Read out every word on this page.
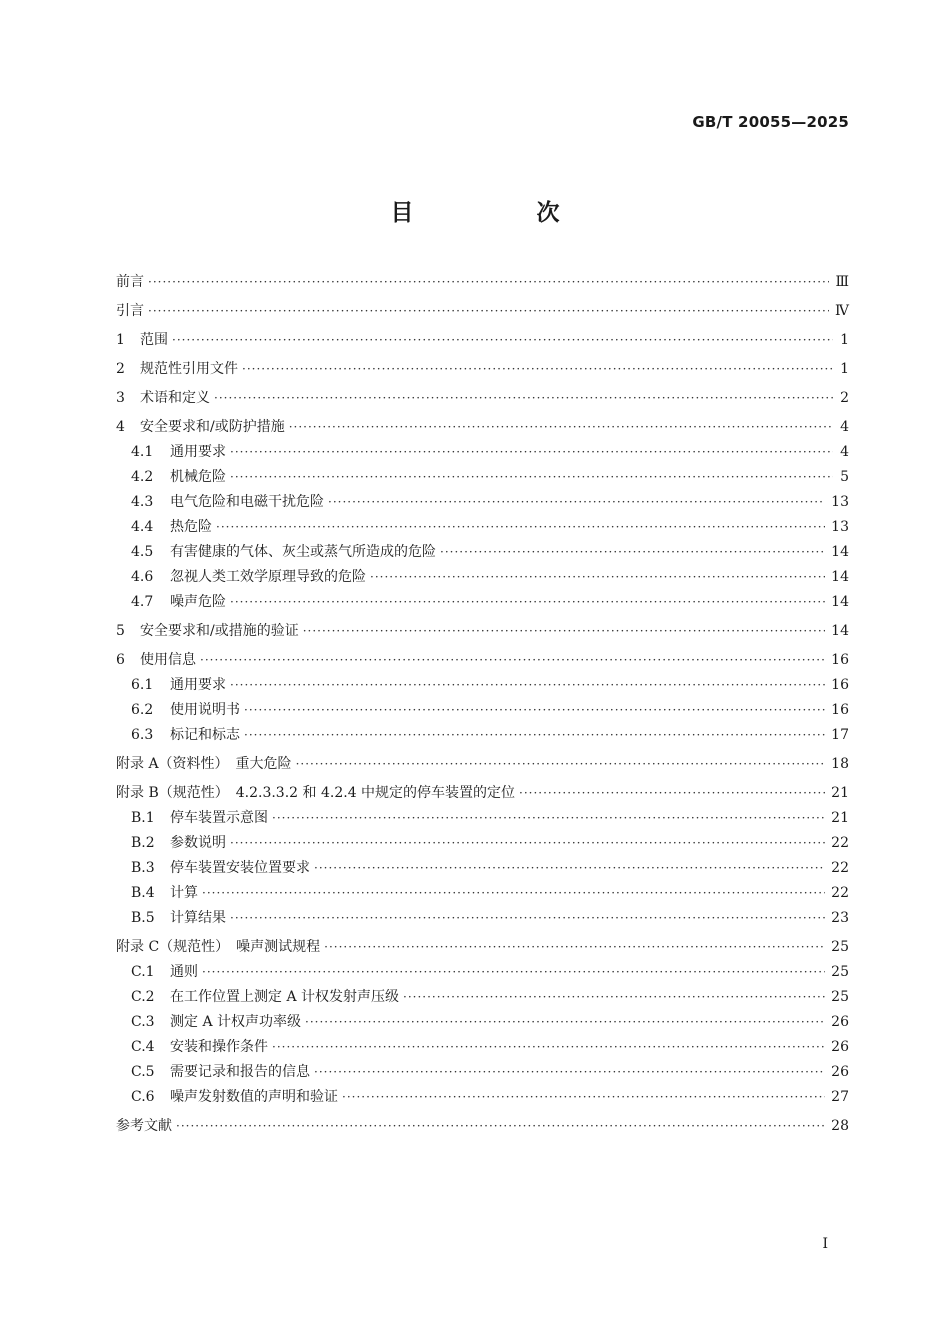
GB/T 20055—2025
目　次
前言 ·····	Ⅲ
引言 ·····	Ⅳ
1	范围 ·····	1
2	规范性引用文件 ·····	1
3	术语和定义 ·····	2
4	安全要求和/或防护措施 ·····	4
4.1	通用要求 ·····	4
4.2	机械危险 ·····	5
4.3	电气危险和电磁干扰危险 ·····	13
4.4	热危险 ·····	13
4.5	有害健康的气体、灰尘或蒸气所造成的危险 ·····	14
4.6	忽视人类工效学原理导致的危险 ·····	14
4.7	噪声危险 ·····	14
5	安全要求和/或措施的验证 ·····	14
6	使用信息 ·····	16
6.1	通用要求 ·····	16
6.2	使用说明书 ·····	16
6.3	标记和标志 ·····	17
附录 A（资料性）　重大危险 ·····	18
附录 B（规范性）　4.2.3.3.2 和 4.2.4 中规定的停车装置的定位 ·····	21
B.1	停车装置示意图 ·····	21
B.2	参数说明 ·····	22
B.3	停车装置安装位置要求 ·····	22
B.4	计算 ·····	22
B.5	计算结果 ·····	23
附录 C（规范性）　噪声测试规程 ·····	25
C.1	通则 ·····	25
C.2	在工作位置上测定 A 计权发射声压级 ·····	25
C.3	测定 A 计权声功率级 ·····	26
C.4	安装和操作条件 ·····	26
C.5	需要记录和报告的信息 ·····	26
C.6	噪声发射数值的声明和验证 ·····	27
参考文献 ·····	28
Ⅰ
